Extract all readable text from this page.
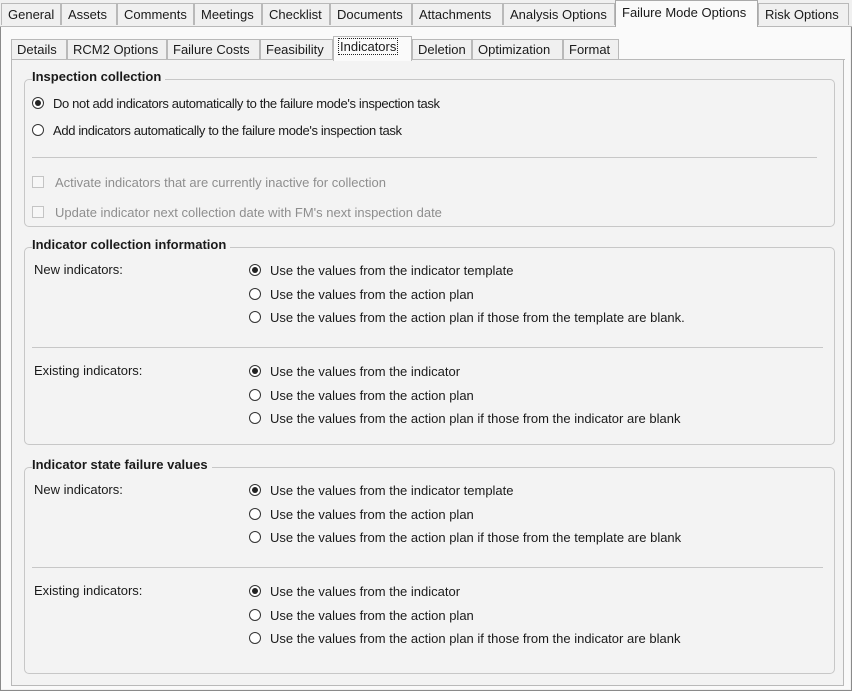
General	Assets	Comments	Meetings	Checklist	Documents	Attachments	Analysis Options	Failure Mode Options	Risk Options
Details	RCM2 Options	Failure Costs	Feasibility	Indicators	Deletion Optimization	Format
Inspection collection
Do not add indicators automatically to the failure mode's inspection task
Add indicators automatically to the failure mode's inspection task
Activate indicators that are currently inactive for collection
Update indicator next collection date with FM's next inspection date
Indicator collection information
New indicators:	Use the values from the indicator template
Use the values from the action plan
Use the values from the action plan if those from the template are blank.
Existing indicators:	Use the values from the indicator
Use the values from the action plan
Use the values from the action plan if those from the indicator are blank
Indicator state failure values
New indicators:	Use the values from the indicator template
Use the values from the action plan
Use the values from the action plan if those from the template are blank
Existing indicators:	Use the values from the indicator
Use the values from the action plan
Use the values from the action plan if those from the indicator are blank
